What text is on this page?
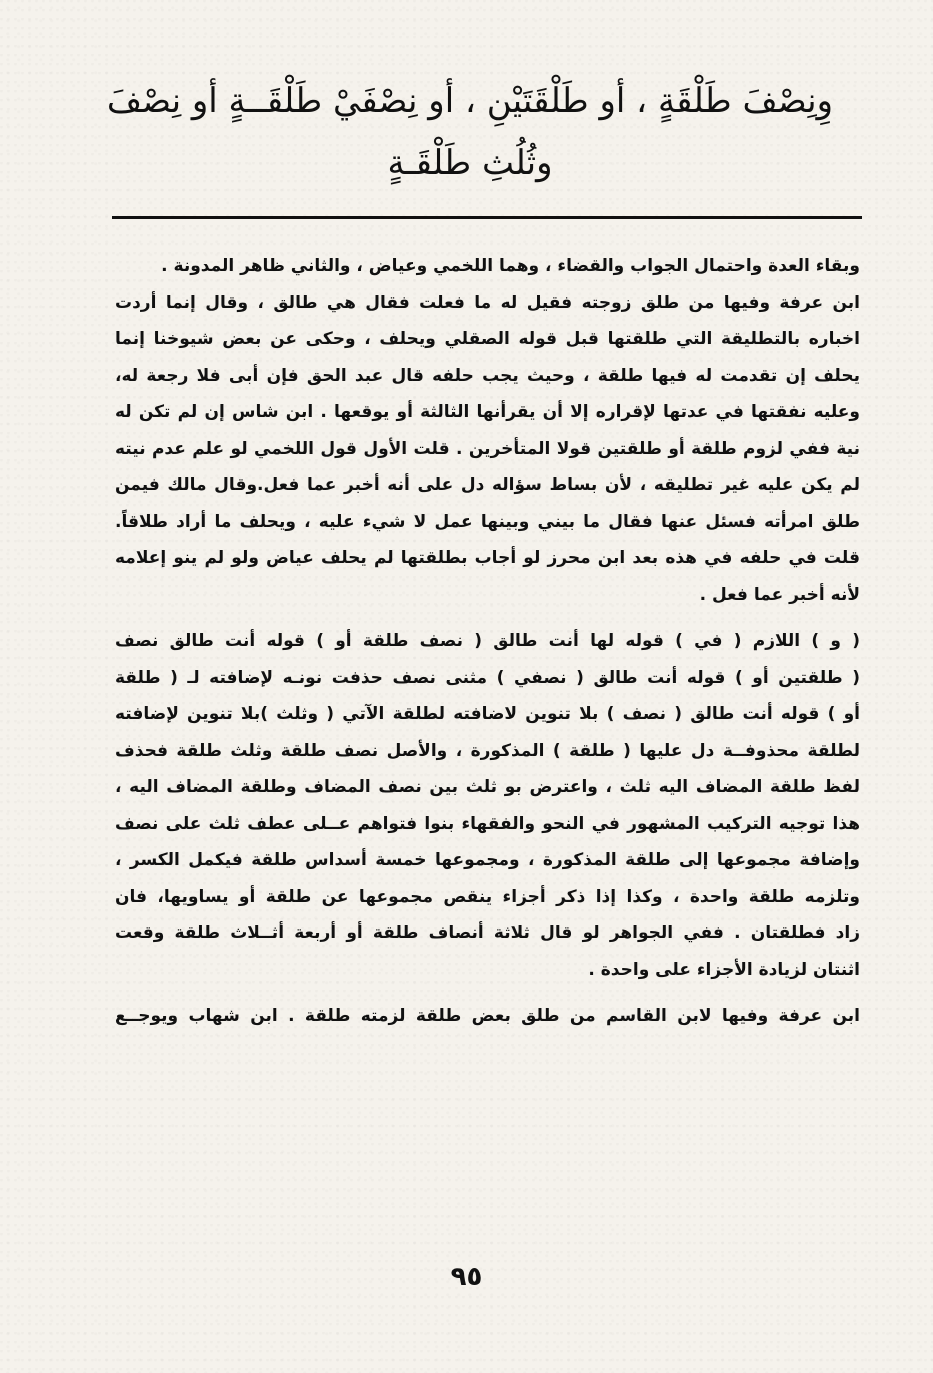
وِنِصْفَ طَلْقَةٍ ، أو طَلْقَتَيْنِ ، أو نِصْفَيْ طَلْقَــةٍ أو نِصْفَ
وثُلُثِ طَلْقَـةٍ

وبقاء العدة واحتمال الجواب والقضاء ، وهما اللخمي وعياض ، والثاني ظاهر المدونة .

ابن عرفة وفيها من طلق زوجته فقيل له ما فعلت فقال هي طالق ، وقال إنما أردت
اخباره بالتطليقة التي طلقتها قبل قوله الصقلي ويحلف ، وحكى عن بعض شيوخنا إنما
يحلف إن تقدمت له فيها طلقة ، وحيث يجب حلفه قال عبد الحق فإن أبى فلا رجعة له،
وعليه نفقتها في عدتها لإقراره إلا أن يقرأنها الثالثة أو يوقعها . ابن شاس إن لم تكن له
نية ففي لزوم طلقة أو طلقتين قولا المتأخرين . قلت الأول قول اللخمي لو علم عدم نيته
لم يكن عليه غير تطليقه ، لأن بساط سؤاله دل على أنه أخبر عما فعل.وقال مالك فيمن
طلق امرأته فسئل عنها فقال ما بيني وبينها عمل لا شيء عليه ، ويحلف ما أراد طلاقاً.
قلت في حلفه في هذه بعد ابن محرز لو أجاب بطلقتها لم يحلف عياض ولو لم ينو إعلامه
لأنه أخبر عما فعل .

( و ) اللازم ( في ) قوله لها أنت طالق ( نصف طلقة أو ) قوله أنت طالق نصف
( طلقتين أو ) قوله أنت طالق ( نصفي ) مثنى نصف حذفت نونـه لإضافته لـ ( طلقة
أو ) قوله أنت طالق ( نصف ) بلا تنوين لاضافته لطلقة الآتي ( وثلث )بلا تنوين لإضافته
لطلقة محذوفــة دل عليها ( طلقة ) المذكورة ، والأصل نصف طلقة وثلث طلقة فحذف
لفظ طلقة المضاف اليه ثلث ، واعترض بو ثلث بين نصف المضاف وطلقة المضاف اليه ،
هذا توجيه التركيب المشهور في النحو والفقهاء بنوا فتواهم عــلى عطف ثلث على نصف
وإضافة مجموعها إلى طلقة المذكورة ، ومجموعها خمسة أسداس طلقة فيكمل الكسر ،
وتلزمه طلقة واحدة ، وكذا إذا ذكر أجزاء ينقص مجموعها عن طلقة أو يساويها، فان
زاد فطلقتان . ففي الجواهر لو قال ثلاثة أنصاف طلقة أو أربعة أثــلاث طلقة وقعت
اثنتان لزيادة الأجزاء على واحدة .

ابن عرفة وفيها لابن القاسم من طلق بعض طلقة لزمته طلقة . ابن شهاب ويوجــع

٩٥
